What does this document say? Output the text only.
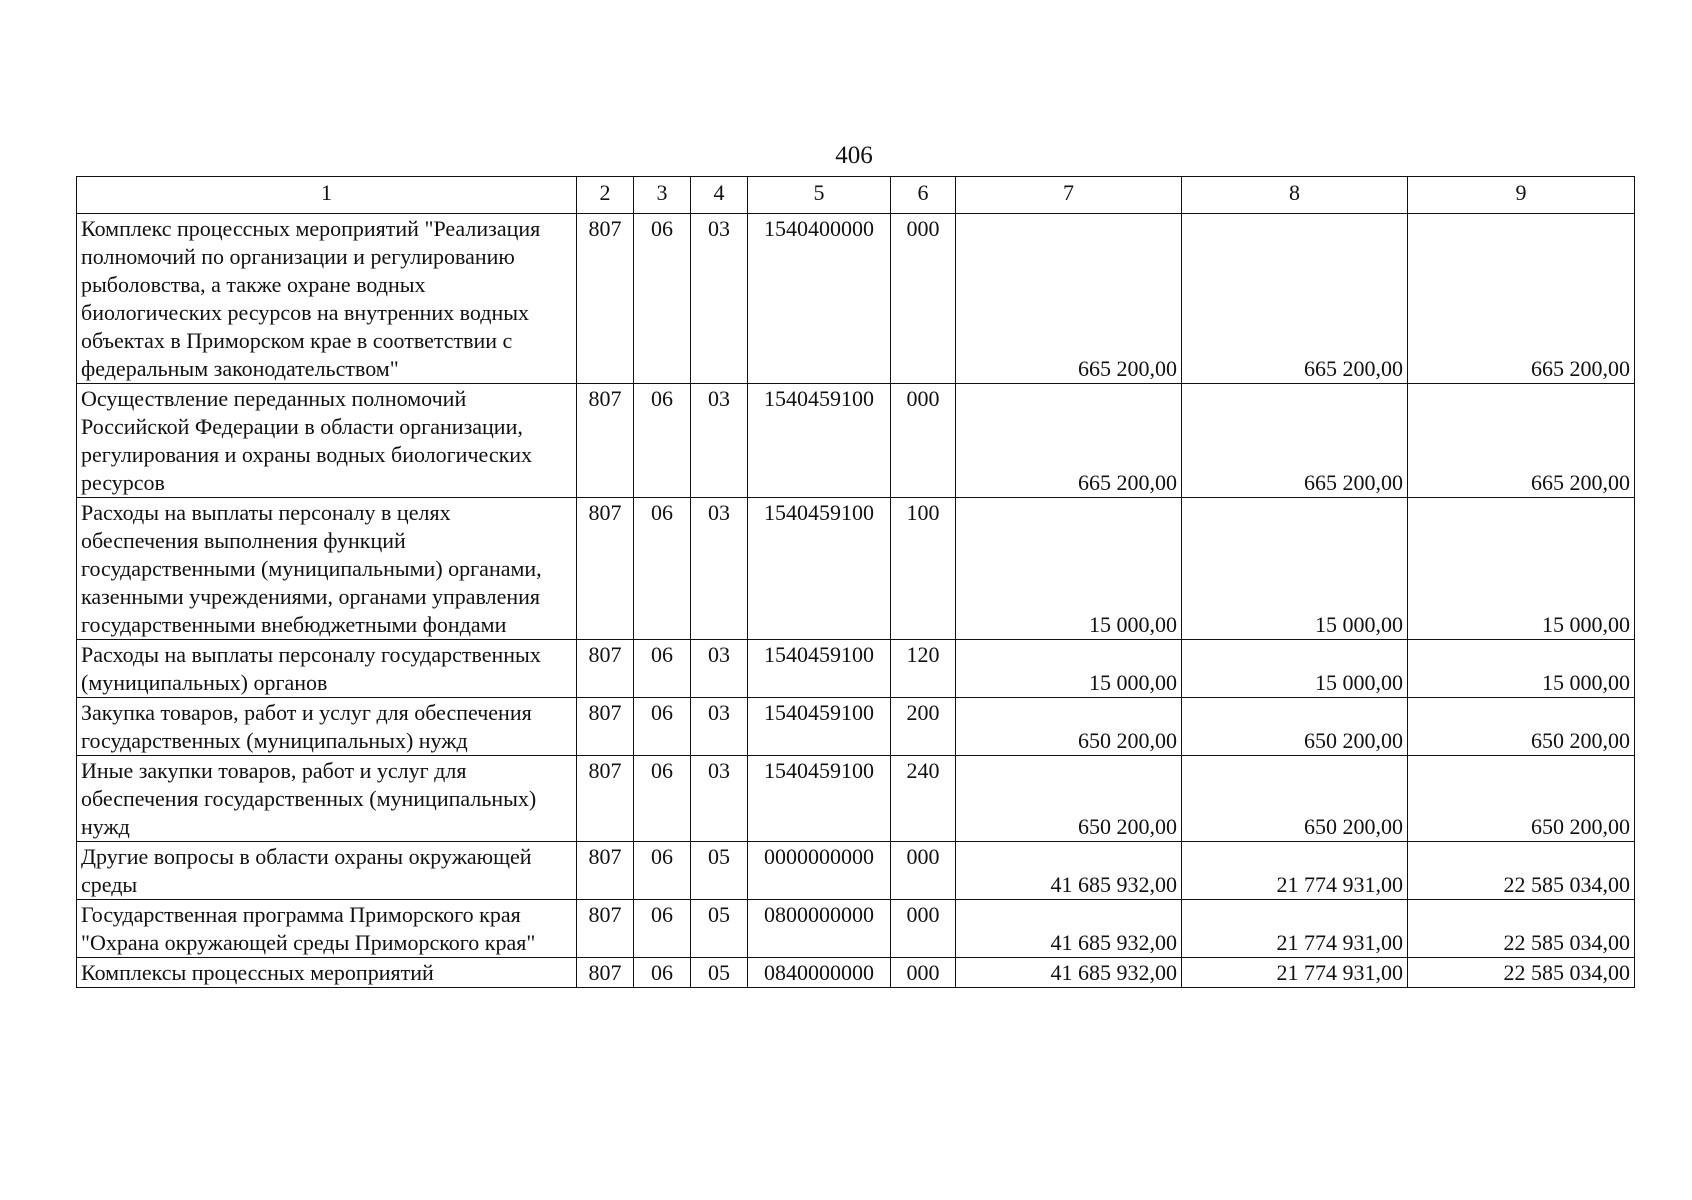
406
1	2	3	4	5	6	7	8	9
Комплекс процессных мероприятий "Реализация полномочий по организации и регулированию рыболовства, а также охране водных биологических ресурсов на внутренних водных объектах в Приморском крае в соответствии с федеральным законодательством"	807	06	03	1540400000	000	665 200,00	665 200,00	665 200,00
Осуществление переданных полномочий Российской Федерации в области организации, регулирования и охраны водных биологических ресурсов	807	06	03	1540459100	000	665 200,00	665 200,00	665 200,00
Расходы на выплаты персоналу в целях обеспечения выполнения функций государственными (муниципальными) органами, казенными учреждениями, органами управления государственными внебюджетными фондами	807	06	03	1540459100	100	15 000,00	15 000,00	15 000,00
Расходы на выплаты персоналу государственных (муниципальных) органов	807	06	03	1540459100	120	15 000,00	15 000,00	15 000,00
Закупка товаров, работ и услуг для обеспечения государственных (муниципальных) нужд	807	06	03	1540459100	200	650 200,00	650 200,00	650 200,00
Иные закупки товаров, работ и услуг для обеспечения государственных (муниципальных) нужд	807	06	03	1540459100	240	650 200,00	650 200,00	650 200,00
Другие вопросы в области охраны окружающей среды	807	06	05	0000000000	000	41 685 932,00	21 774 931,00	22 585 034,00
Государственная программа Приморского края "Охрана окружающей среды Приморского края"	807	06	05	0800000000	000	41 685 932,00	21 774 931,00	22 585 034,00
Комплексы процессных мероприятий	807	06	05	0840000000	000	41 685 932,00	21 774 931,00	22 585 034,00
